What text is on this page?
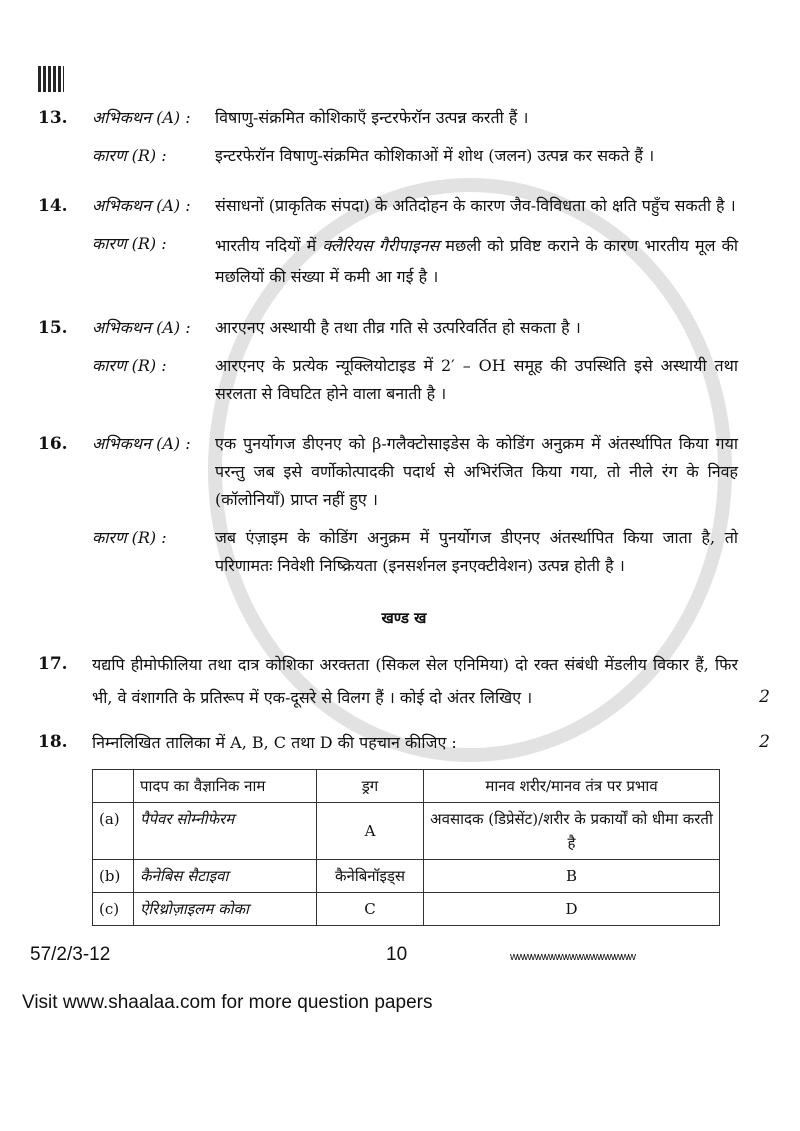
13.	अभिकथन (A) :	विषाणु-संक्रमित कोशिकाएँ इन्टरफेरॉन उत्पन्न करती हैं ।
कारण (R) :	इन्टरफेरॉन विषाणु-संक्रमित कोशिकाओं में शोथ (जलन) उत्पन्न कर सकते हैं ।
14.	अभिकथन (A) :	संसाधनों (प्राकृतिक संपदा) के अतिदोहन के कारण जैव-विविधता को क्षति पहुँच सकती है ।
कारण (R) :	भारतीय नदियों में क्लैरियस गैरीपाइनस मछली को प्रविष्ट कराने के कारण भारतीय मूल की मछलियों की संख्या में कमी आ गई है ।
15.	अभिकथन (A) :	आरएनए अस्थायी है तथा तीव्र गति से उत्परिवर्तित हो सकता है ।
कारण (R) :	आरएनए के प्रत्येक न्यूक्लियोटाइड में 2′ – OH समूह की उपस्थिति इसे अस्थायी तथा सरलता से विघटित होने वाला बनाती है ।
16.	अभिकथन (A) :	एक पुनर्योगज डीएनए को β-गलैक्टोसाइडेस के कोडिंग अनुक्रम में अंतर्स्थापित किया गया परन्तु जब इसे वर्णोकोत्पादकी पदार्थ से अभिरंजित किया गया, तो नीले रंग के निवह (कॉलोनियाँ) प्राप्त नहीं हुए ।
कारण (R) :	जब एंज़ाइम के कोडिंग अनुक्रम में पुनर्योगज डीएनए अंतर्स्थापित किया जाता है, तो परिणामतः निवेशी निष्क्रियता (इनसर्शनल इनएक्टीवेशन) उत्पन्न होती है ।
खण्ड ख
17.	यद्यपि हीमोफीलिया तथा दात्र कोशिका अरक्तता (सिकल सेल एनिमिया) दो रक्त संबंधी मेंडलीय विकार हैं, फिर भी, वे वंशागति के प्रतिरूप में एक-दूसरे से विलग हैं । कोई दो अंतर लिखिए ।	2
18.	निम्नलिखित तालिका में A, B, C तथा D की पहचान कीजिए :	2
	पादप का वैज्ञानिक नाम	ड्रग	मानव शरीर/मानव तंत्र पर प्रभाव
(a)	पैपेवर सोम्नीफेरम	A	अवसादक (डिप्रेसेंट)/शरीर के प्रकार्यों को धीमा करती है
(b)	कैनेबिस सैटाइवा	कैनेबिनॉइड्स	B
(c)	ऐरिथ्रोज़ाइलम कोका	C	D
57/2/3-12	10	wwwwwwwwwwwwwwwwww
Visit www.shaalaa.com for more question papers
